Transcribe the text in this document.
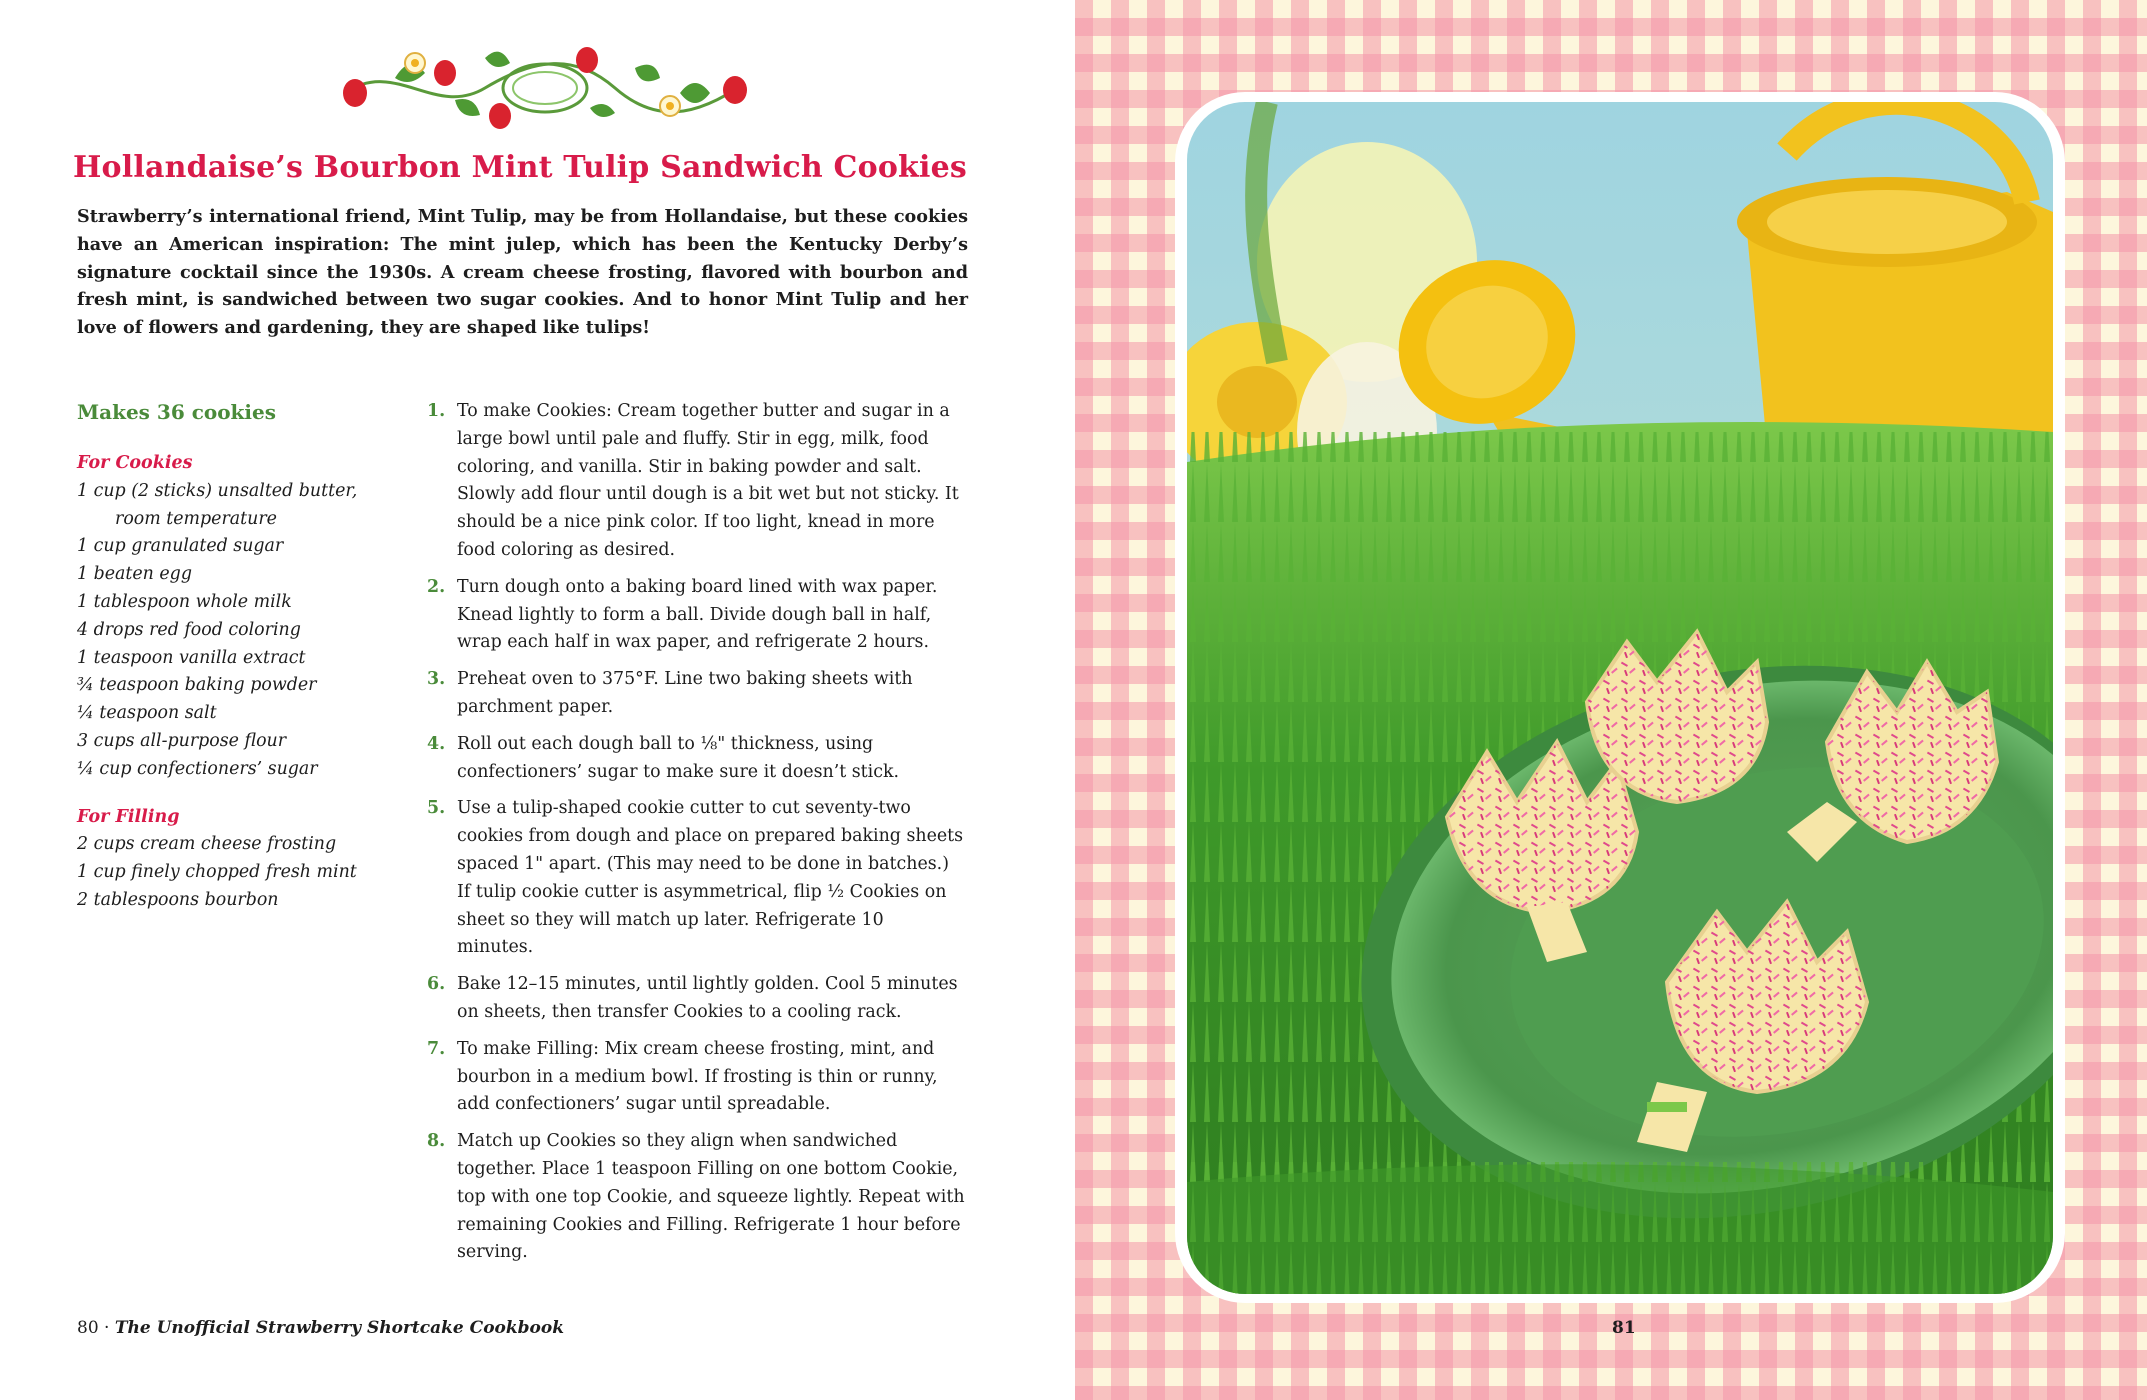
Hollandaise’s Bourbon Mint Tulip Sandwich Cookies

Strawberry’s international friend, Mint Tulip, may be from Hollandaise, but these cookies have an American inspiration: The mint julep, which has been the Kentucky Derby’s signature cocktail since the 1930s. A cream cheese frosting, flavored with bourbon and fresh mint, is sandwiched between two sugar cookies. And to honor Mint Tulip and her love of flowers and gardening, they are shaped like tulips!

Makes 36 cookies
For Cookies
1 cup (2 sticks) unsalted butter,
room temperature
1 cup granulated sugar
1 beaten egg
1 tablespoon whole milk
4 drops red food coloring
1 teaspoon vanilla extract
¾ teaspoon baking powder
¼ teaspoon salt
3 cups all-purpose flour
¼ cup confectioners’ sugar
For Filling
2 cups cream cheese frosting
1 cup finely chopped fresh mint
2 tablespoons bourbon
1. To make Cookies: Cream together butter and sugar in a large bowl until pale and fluffy. Stir in egg, milk, food coloring, and vanilla. Stir in baking powder and salt. Slowly add flour until dough is a bit wet but not sticky. It should be a nice pink color. If too light, knead in more food coloring as desired.
2. Turn dough onto a baking board lined with wax paper. Knead lightly to form a ball. Divide dough ball in half, wrap each half in wax paper, and refrigerate 2 hours.
3. Preheat oven to 375°F. Line two baking sheets with parchment paper.
4. Roll out each dough ball to ⅛" thickness, using confectioners’ sugar to make sure it doesn’t stick.
5. Use a tulip-shaped cookie cutter to cut seventy-two cookies from dough and place on prepared baking sheets spaced 1" apart. (This may need to be done in batches.) If tulip cookie cutter is asymmetrical, flip ½ Cookies on sheet so they will match up later. Refrigerate 10 minutes.
6. Bake 12–15 minutes, until lightly golden. Cool 5 minutes on sheets, then transfer Cookies to a cooling rack.
7. To make Filling: Mix cream cheese frosting, mint, and bourbon in a medium bowl. If frosting is thin or runny, add confectioners’ sugar until spreadable.
8. Match up Cookies so they align when sandwiched together. Place 1 teaspoon Filling on one bottom Cookie, top with one top Cookie, and squeeze lightly. Repeat with remaining Cookies and Filling. Refrigerate 1 hour before serving.
80 · The Unofficial Strawberry Shortcake Cookbook	81
